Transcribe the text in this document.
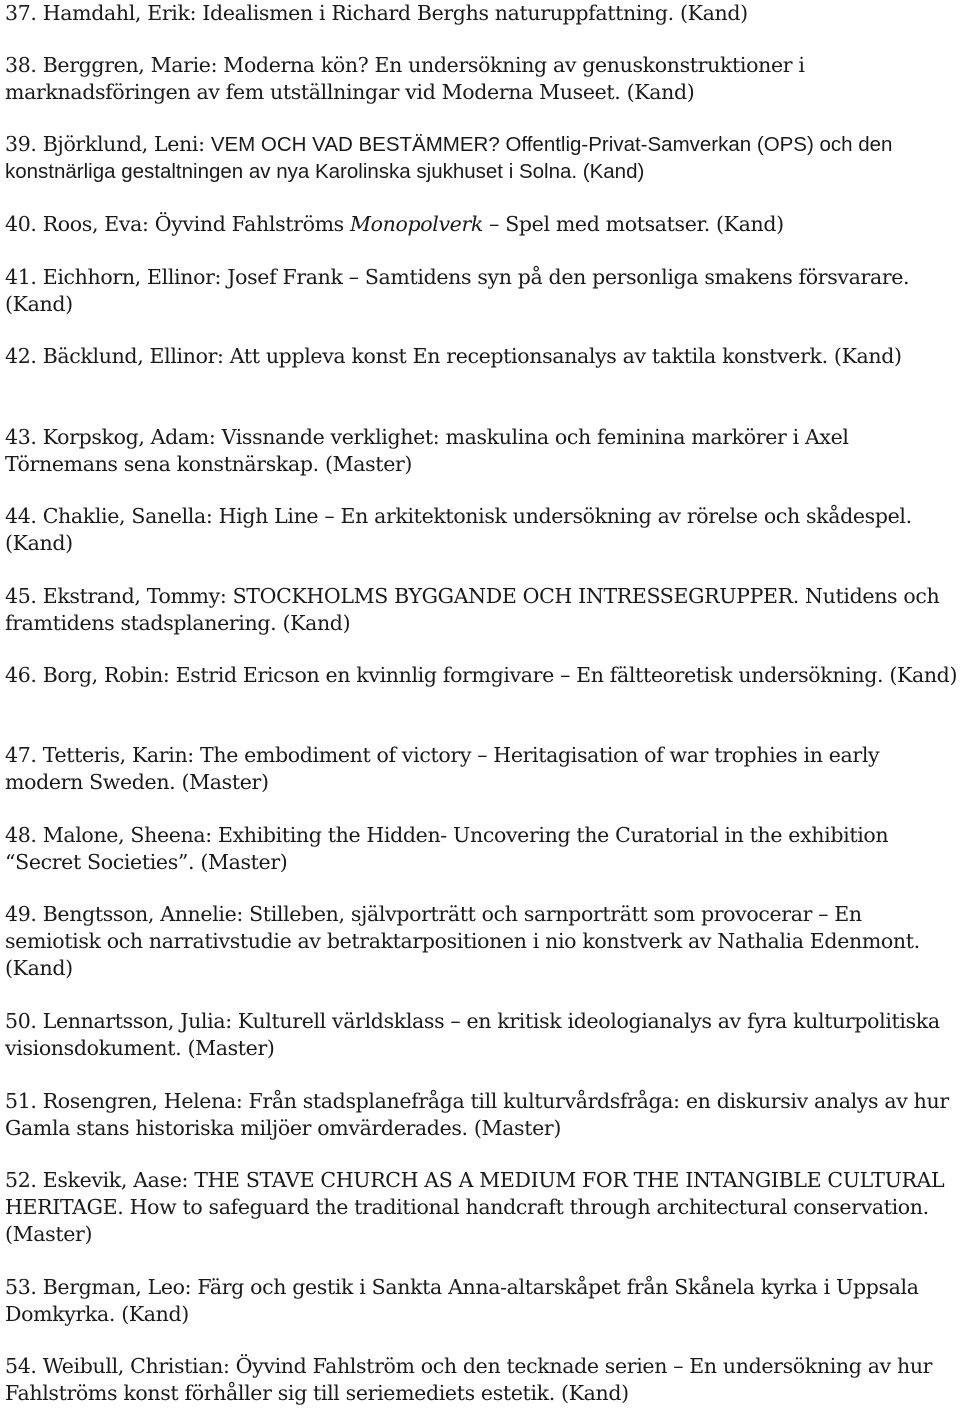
37. Hamdahl, Erik: Idealismen i Richard Berghs naturuppfattning. (Kand)
38. Berggren, Marie: Moderna kön? En undersökning av genuskonstruktioner i marknadsföringen av fem utställningar vid Moderna Museet. (Kand)
39. Björklund, Leni: VEM OCH VAD BESTÄMMER? Offentlig-Privat-Samverkan (OPS) och den konstnärliga gestaltningen av nya Karolinska sjukhuset i Solna. (Kand)
40. Roos, Eva: Öyvind Fahlströms Monopolverk – Spel med motsatser. (Kand)
41. Eichhorn, Ellinor: Josef Frank – Samtidens syn på den personliga smakens försvarare. (Kand)
42. Bäcklund, Ellinor: Att uppleva konst En receptionsanalys av taktila konstverk. (Kand)
43. Korpskog, Adam: Vissnande verklighet: maskulina och feminina markörer i Axel Törnemans sena konstnärskap. (Master)
44. Chaklie, Sanella: High Line – En arkitektonisk undersökning av rörelse och skådespel. (Kand)
45. Ekstrand, Tommy: STOCKHOLMS BYGGANDE OCH INTRESSEGRUPPER. Nutidens och framtidens stadsplanering. (Kand)
46. Borg, Robin: Estrid Ericson en kvinnlig formgivare – En fältteoretisk undersökning. (Kand)
47. Tetteris, Karin: The embodiment of victory – Heritagisation of war trophies in early modern Sweden. (Master)
48. Malone, Sheena: Exhibiting the Hidden- Uncovering the Curatorial in the exhibition “Secret Societies”. (Master)
49. Bengtsson, Annelie: Stilleben, självporträtt och sarnporträtt som provocerar – En semiotisk och narrativstudie av betraktarpositionen i nio konstverk av Nathalia Edenmont. (Kand)
50. Lennartsson, Julia: Kulturell världsklass – en kritisk ideologianalys av fyra kulturpolitiska visionsdokument. (Master)
51. Rosengren, Helena: Från stadsplanefråga till kulturvårdsfråga: en diskursiv analys av hur Gamla stans historiska miljöer omvärderades. (Master)
52. Eskevik, Aase: THE STAVE CHURCH AS A MEDIUM FOR THE INTANGIBLE CULTURAL HERITAGE. How to safeguard the traditional handcraft through architectural conservation. (Master)
53. Bergman, Leo: Färg och gestik i Sankta Anna-altarskåpet från Skånela kyrka i Uppsala Domkyrka. (Kand)
54. Weibull, Christian: Öyvind Fahlström och den tecknade serien – En undersökning av hur Fahlströms konst förhåller sig till seriemediets estetik. (Kand)
